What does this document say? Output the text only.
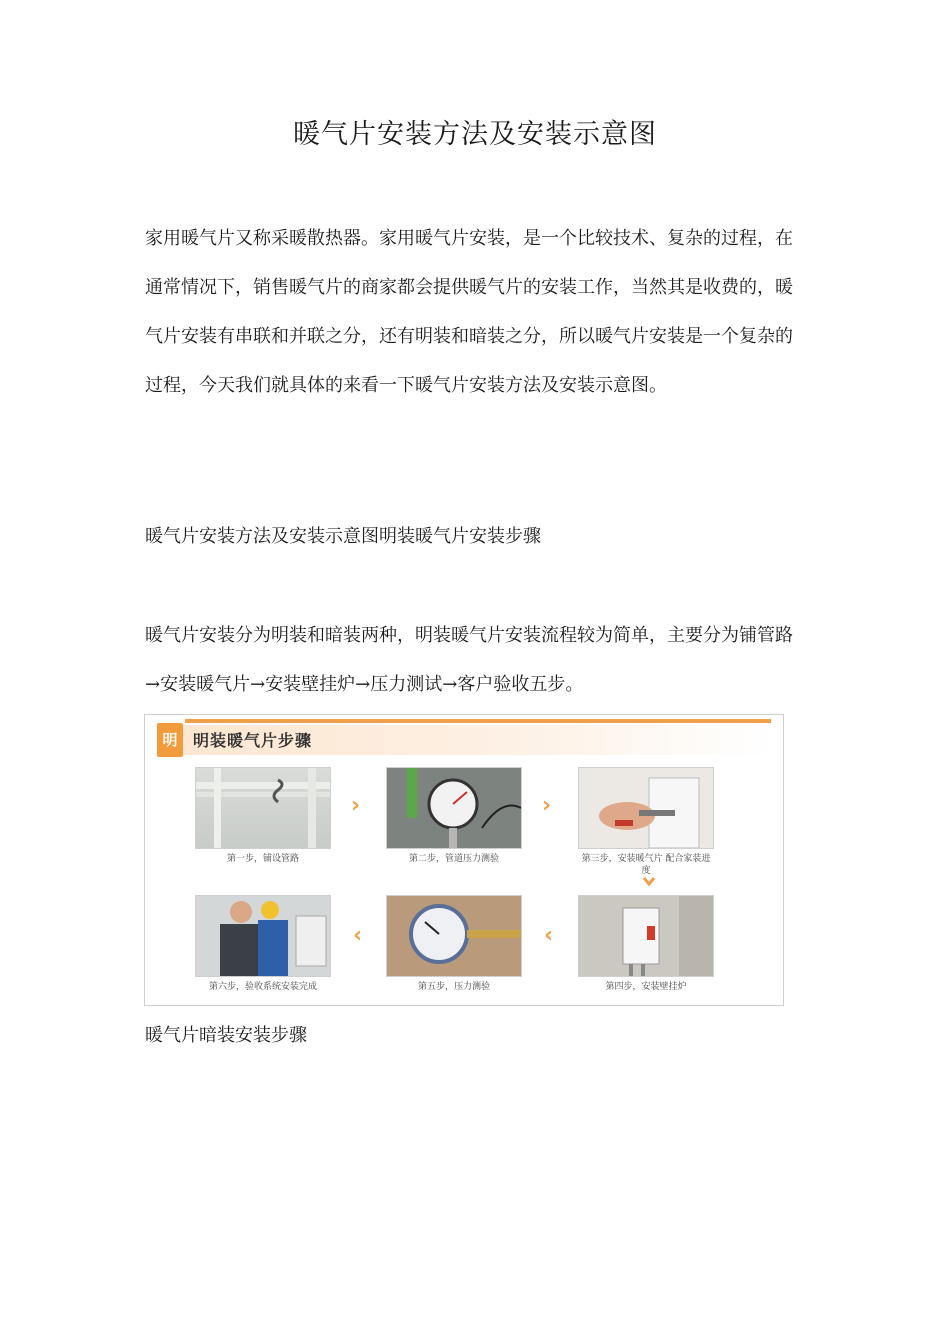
暖气片安装方法及安装示意图

家用暖气片又称采暖散热器。家用暖气片安装，是一个比较技术、复杂的过程，在通常情况下，销售暖气片的商家都会提供暖气片的安装工作，当然其是收费的，暖气片安装有串联和并联之分，还有明装和暗装之分，所以暖气片安装是一个复杂的过程，今天我们就具体的来看一下暖气片安装方法及安装示意图。

暖气片安装方法及安装示意图明装暖气片安装步骤

暖气片安装分为明装和暗装两种，明装暖气片安装流程较为简单，主要分为铺管路→安装暖气片→安装壁挂炉→压力测试→客户验收五步。

明 明装暖气片步骤
第一步，铺设管路
›
第二步，管道压力测验
›
第三步，安装暖气片 配合家装进度
第六步，验收系统安装完成
‹
第五步，压力测验
‹
第四步，安装壁挂炉

暖气片暗装安装步骤
